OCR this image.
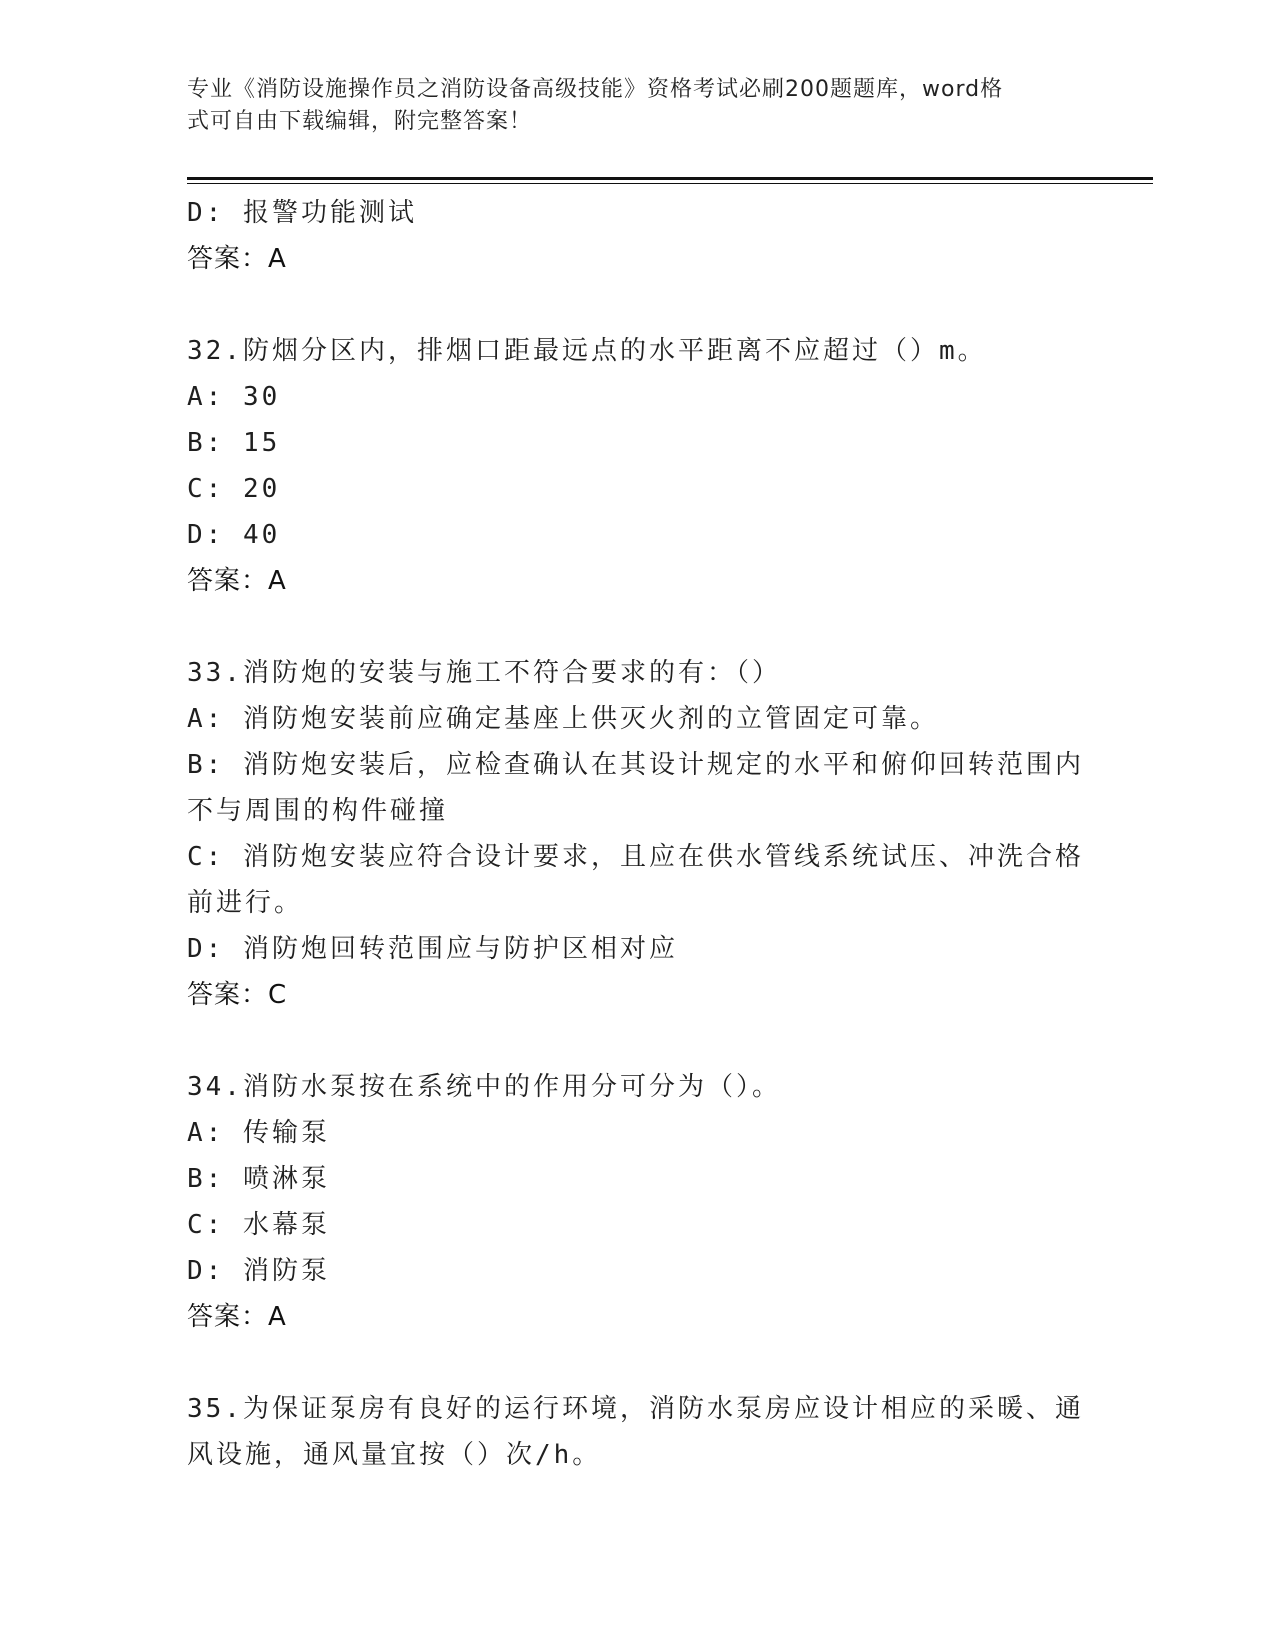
专业《消防设施操作员之消防设备高级技能》资格考试必刷200题题库，word格
式可自由下载编辑，附完整答案！
D: 报警功能测试
答案：A
32.防烟分区内，排烟口距最远点的水平距离不应超过（）m。
A: 30
B: 15
C: 20
D: 40
答案：A
33.消防炮的安装与施工不符合要求的有：（）
A: 消防炮安装前应确定基座上供灭火剂的立管固定可靠。
B: 消防炮安装后，应检查确认在其设计规定的水平和俯仰回转范围内
不与周围的构件碰撞
C: 消防炮安装应符合设计要求，且应在供水管线系统试压、冲洗合格
前进行。
D: 消防炮回转范围应与防护区相对应
答案：C
34.消防水泵按在系统中的作用分可分为（）。
A: 传输泵
B: 喷淋泵
C: 水幕泵
D: 消防泵
答案：A
35.为保证泵房有良好的运行环境，消防水泵房应设计相应的采暖、通
风设施，通风量宜按（）次/h。
